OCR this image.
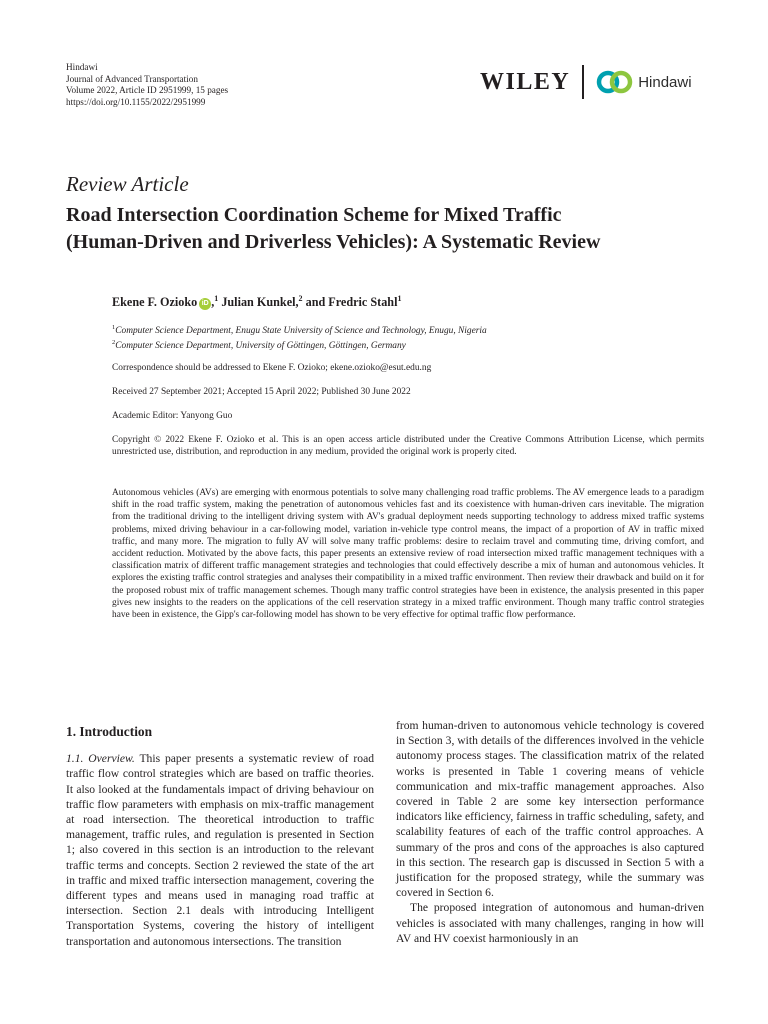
Hindawi
Journal of Advanced Transportation
Volume 2022, Article ID 2951999, 15 pages
https://doi.org/10.1155/2022/2951999
WILEY	Hindawi
Review Article
Road Intersection Coordination Scheme for Mixed Traffic
(Human-Driven and Driverless Vehicles): A Systematic Review
Ekene F. Ozioko iD ,$^1$ Julian Kunkel,$^2$ and Fredric Stahl$^1$
$^1$Computer Science Department, Enugu State University of Science and Technology, Enugu, Nigeria
$^2$Computer Science Department, University of Göttingen, Göttingen, Germany
Correspondence should be addressed to Ekene F. Ozioko; ekene.ozioko@esut.edu.ng
Received 27 September 2021; Accepted 15 April 2022; Published 30 June 2022
Academic Editor: Yanyong Guo
Copyright © 2022 Ekene F. Ozioko et al. This is an open access article distributed under the Creative Commons Attribution License, which permits unrestricted use, distribution, and reproduction in any medium, provided the original work is properly cited.
Autonomous vehicles (AVs) are emerging with enormous potentials to solve many challenging road traffic problems. The AV emergence leads to a paradigm shift in the road traffic system, making the penetration of autonomous vehicles fast and its coexistence with human-driven cars inevitable. The migration from the traditional driving to the intelligent driving system with AV's gradual deployment needs supporting technology to address mixed traffic systems problems, mixed driving behaviour in a car-following model, variation in-vehicle type control means, the impact of a proportion of AV in traffic mixed traffic, and many more. The migration to fully AV will solve many traffic problems: desire to reclaim travel and commuting time, driving comfort, and accident reduction. Motivated by the above facts, this paper presents an extensive review of road intersection mixed traffic management techniques with a classification matrix of different traffic management strategies and technologies that could effectively describe a mix of human and autonomous vehicles. It explores the existing traffic control strategies and analyses their compatibility in a mixed traffic environment. Then review their drawback and build on it for the proposed robust mix of traffic management schemes. Though many traffic control strategies have been in existence, the analysis presented in this paper gives new insights to the readers on the applications of the cell reservation strategy in a mixed traffic environment. Though many traffic control strategies have been in existence, the Gipp's car-following model has shown to be very effective for optimal traffic flow performance.
1. Introduction

1.1. Overview. This paper presents a systematic review of road traffic flow control strategies which are based on traffic theories. It also looked at the fundamentals impact of driving behaviour on traffic flow parameters with emphasis on mix-traffic management at road intersection. The theoretical introduction to traffic management, traffic rules, and regulation is presented in Section 1; also covered in this section is an introduction to the relevant traffic terms and concepts. Section 2 reviewed the state of the art in traffic and mixed traffic intersection management, covering the different types and means used in managing road traffic at intersection. Section 2.1 deals with introducing Intelligent Transportation Systems, covering the history of intelligent transportation and autonomous intersections. The transition

from human-driven to autonomous vehicle technology is covered in Section 3, with details of the differences involved in the vehicle autonomy process stages. The classification matrix of the related works is presented in Table 1 covering means of vehicle communication and mix-traffic management approaches. Also covered in Table 2 are some key intersection performance indicators like efficiency, fairness in traffic scheduling, safety, and scalability features of each of the traffic control approaches. A summary of the pros and cons of the approaches is also captured in this section. The research gap is discussed in Section 5 with a justification for the proposed strategy, while the summary was covered in Section 6.

The proposed integration of autonomous and human-driven vehicles is associated with many challenges, ranging in how will AV and HV coexist harmoniously in an
